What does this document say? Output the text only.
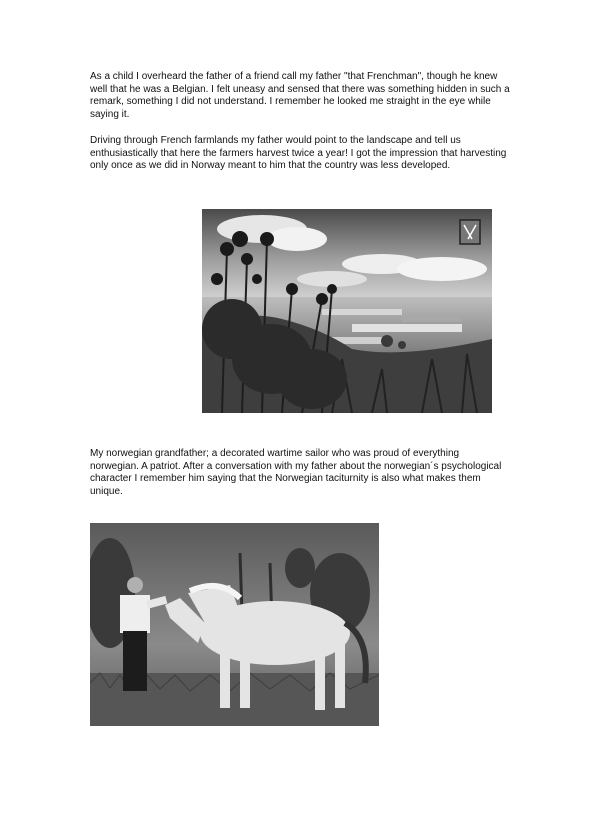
As a child I overheard the father of a friend call my father "that Frenchman", though he knew well that he was a Belgian. I felt uneasy and sensed that there was something hidden in such a remark, something I did not understand. I remember he looked me straight in the eye while saying it.

Driving through French farmlands my father would point to the landscape and tell us enthusiastically that here the farmers harvest twice a year! I got the impression that harvesting only once as we did in Norway meant to him that the country was less developed.

My norwegian grandfather; a decorated wartime sailor who was proud of everything norwegian. A patriot. After a conversation with my father about the norwegian´s psychological character I remember him saying that the Norwegian taciturnity is also what makes them unique.
